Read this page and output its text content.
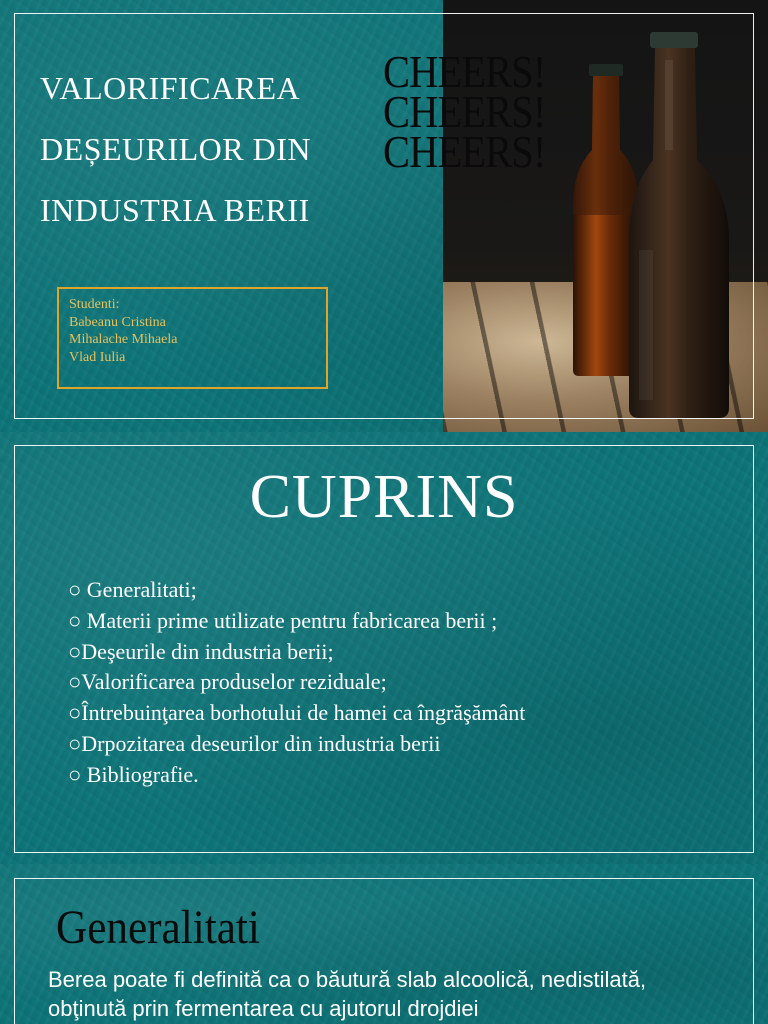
VALORIFICAREA
DEȘEURILOR DIN
INDUSTRIA BERII
Studenti:
Babeanu Cristina
Mihalache Mihaela
Vlad Iulia
CHEERS!
CHEERS!
CHEERS!
CUPRINS
○ Generalitati;
○ Materii prime utilizate pentru fabricarea berii ;
○Deşeurile din industria berii;
○Valorificarea produselor reziduale;
○Întrebuinţarea borhotului de hamei ca îngrăşământ
○Drpozitarea deseurilor din industria berii
○ Bibliografie.
Generalitati
Berea poate fi definită ca o băutură slab alcoolică, nedistilată, obţinută prin fermentarea cu ajutorul drojdiei
